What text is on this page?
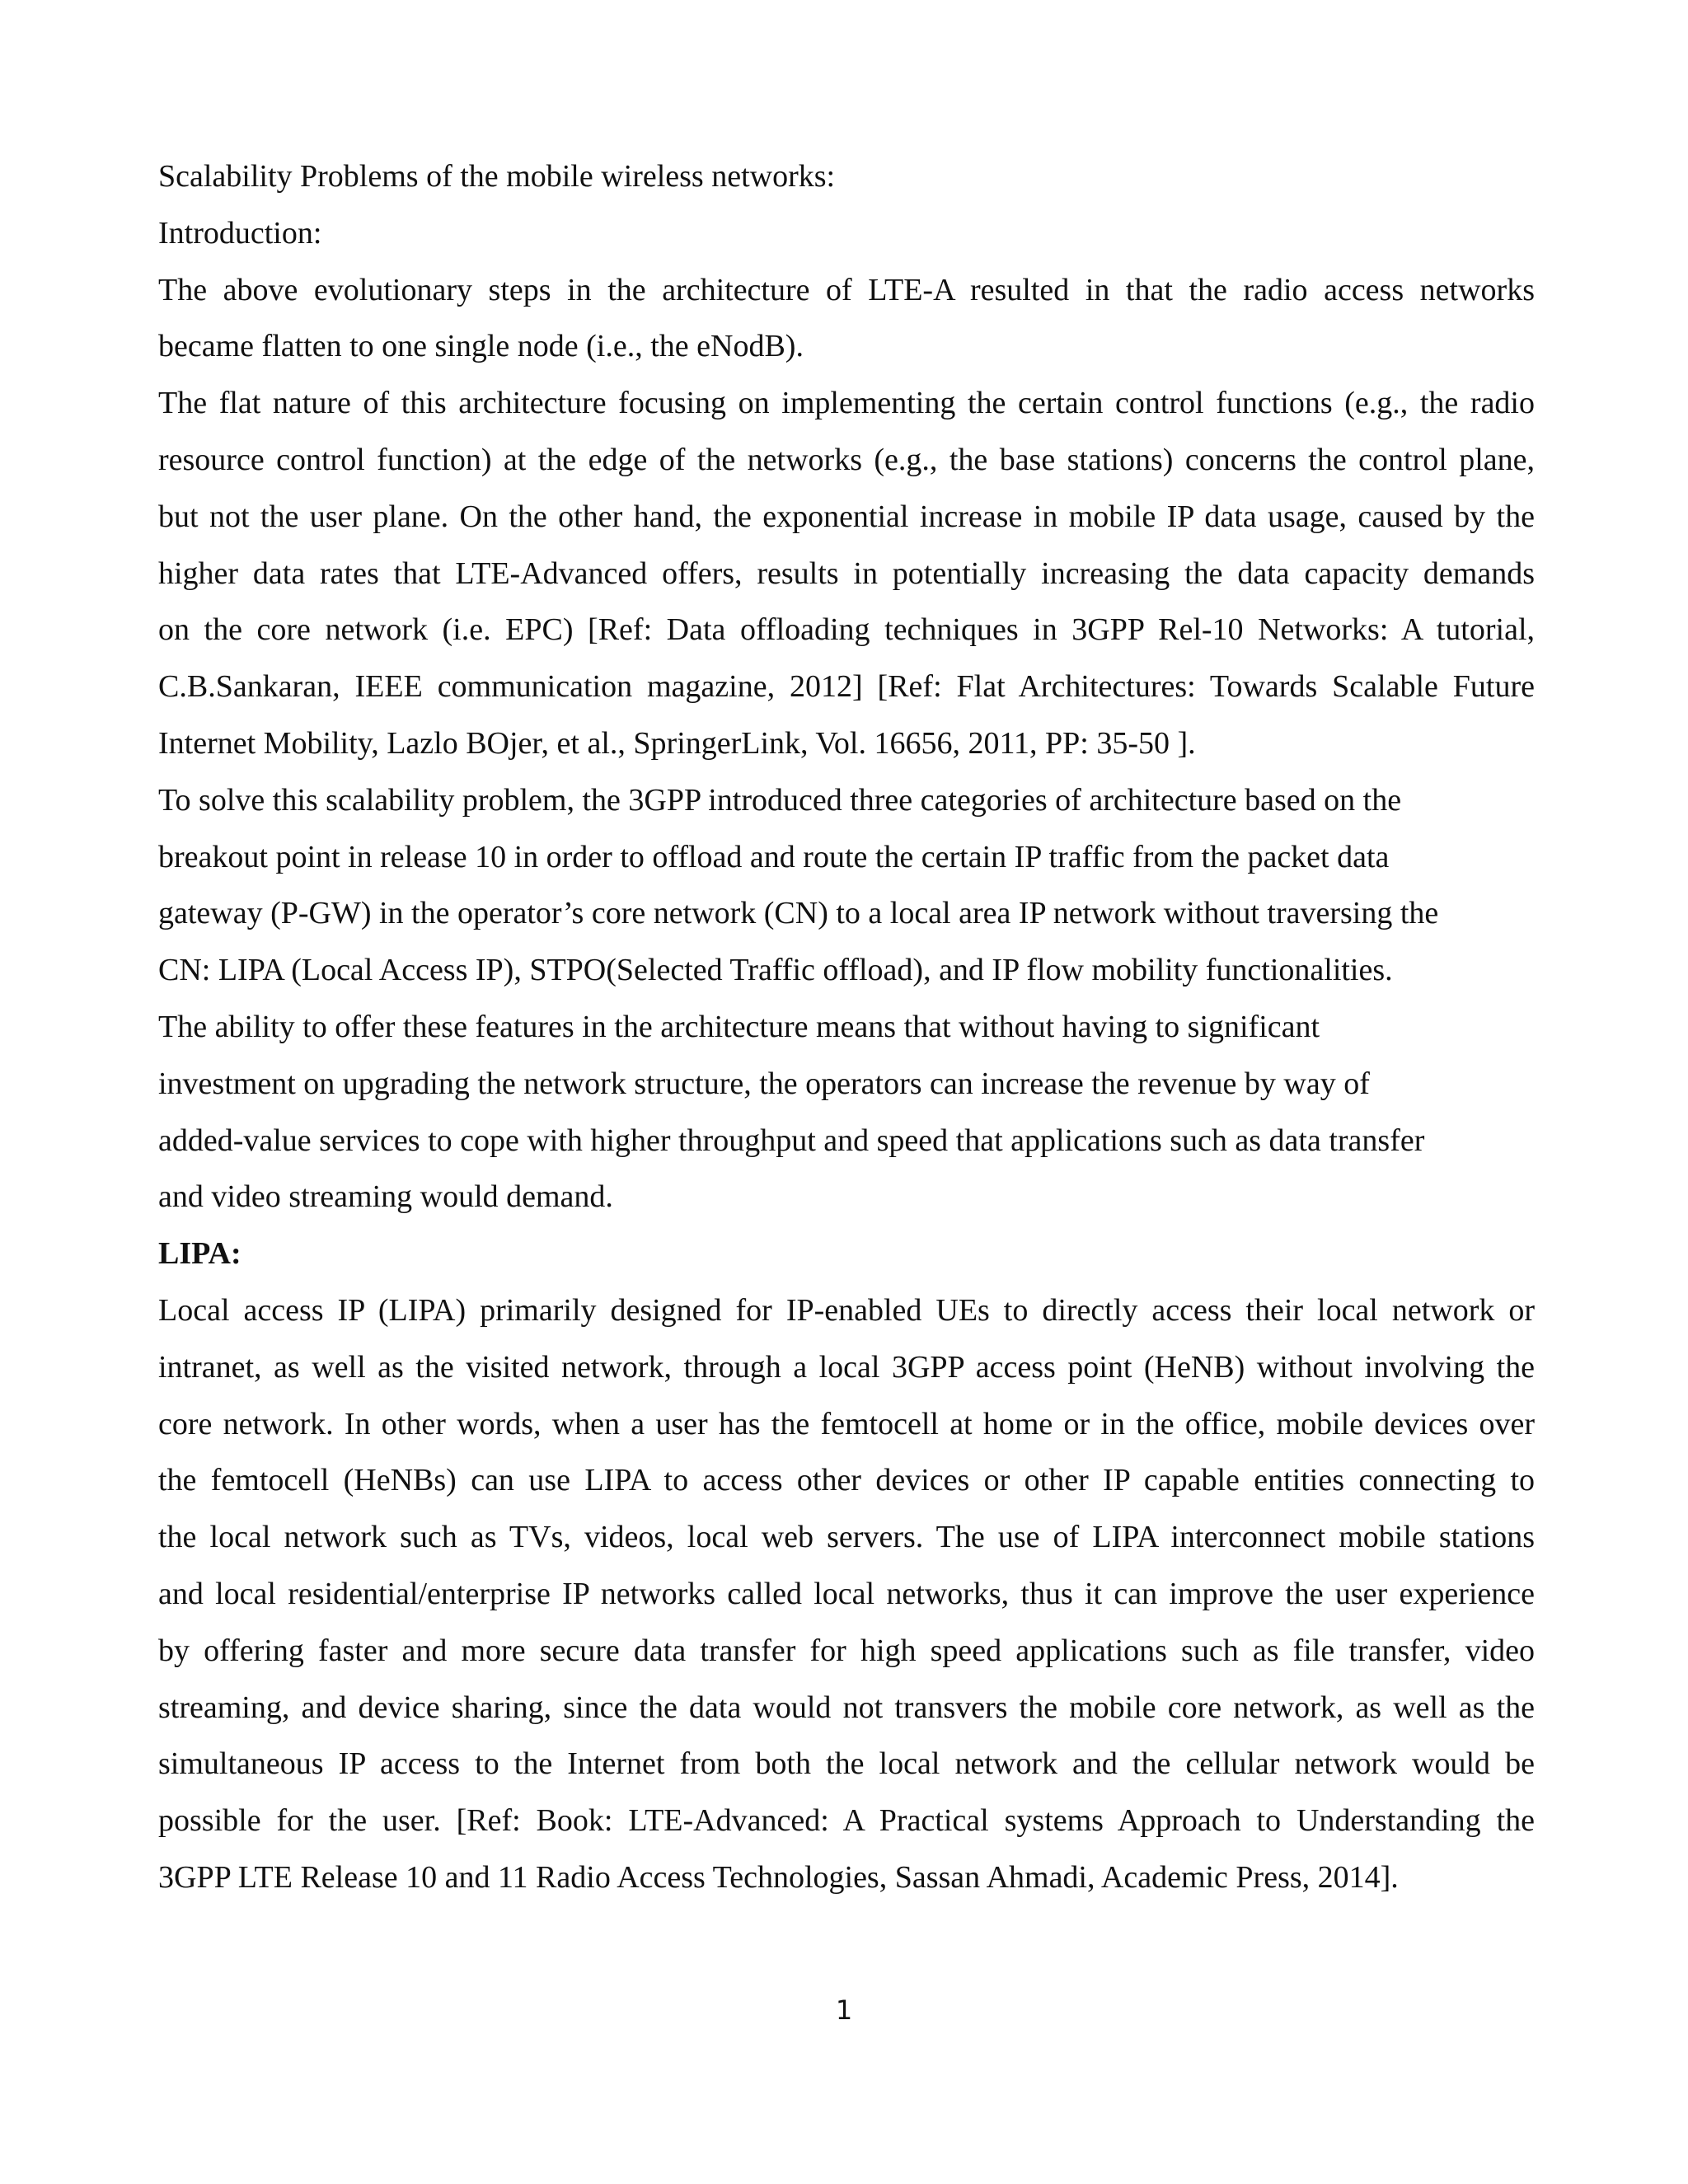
Scalability Problems of the mobile wireless networks:
Introduction:
The above evolutionary steps in the architecture of LTE-A resulted in that the radio access networks
became flatten to one single node (i.e., the eNodB).
The flat nature of this architecture focusing on implementing the certain control functions (e.g., the radio
resource control function) at the edge of the networks (e.g., the base stations) concerns the control plane,
but not the user plane. On the other hand, the exponential increase in mobile IP data usage, caused by the
higher data rates that LTE-Advanced offers, results in potentially increasing the data capacity demands
on the core network (i.e. EPC) [Ref: Data offloading techniques in 3GPP Rel-10 Networks: A tutorial,
C.B.Sankaran, IEEE communication magazine, 2012] [Ref: Flat Architectures: Towards Scalable Future
Internet Mobility, Lazlo BOjer, et al., SpringerLink, Vol. 16656, 2011, PP: 35-50 ].
To solve this scalability problem, the 3GPP introduced three categories of architecture based on the
breakout point in release 10 in order to offload and route the certain IP traffic from the packet data
gateway (P-GW) in the operator’s core network (CN) to a local area IP network without traversing the
CN: LIPA (Local Access IP), STPO(Selected Traffic offload), and IP flow mobility functionalities.
The ability to offer these features in the architecture means that without having to significant
investment on upgrading the network structure, the operators can increase the revenue by way of
added-value services to cope with higher throughput and speed that applications such as data transfer
and video streaming would demand.
LIPA:
Local access IP (LIPA) primarily designed for IP-enabled UEs to directly access their local network or
intranet, as well as the visited network, through a local 3GPP access point (HeNB) without involving the
core network. In other words, when a user has the femtocell at home or in the office, mobile devices over
the femtocell (HeNBs) can use LIPA to access other devices or other IP capable entities connecting to
the local network such as TVs, videos, local web servers. The use of LIPA interconnect mobile stations
and local residential/enterprise IP networks called local networks, thus it can improve the user experience
by offering faster and more secure data transfer for high speed applications such as file transfer, video
streaming, and device sharing, since the data would not transvers the mobile core network, as well as the
simultaneous IP access to the Internet from both the local network and the cellular network would be
possible for the user. [Ref: Book: LTE-Advanced: A Practical systems Approach to Understanding the
3GPP LTE Release 10 and 11 Radio Access Technologies, Sassan Ahmadi, Academic Press, 2014].
1
